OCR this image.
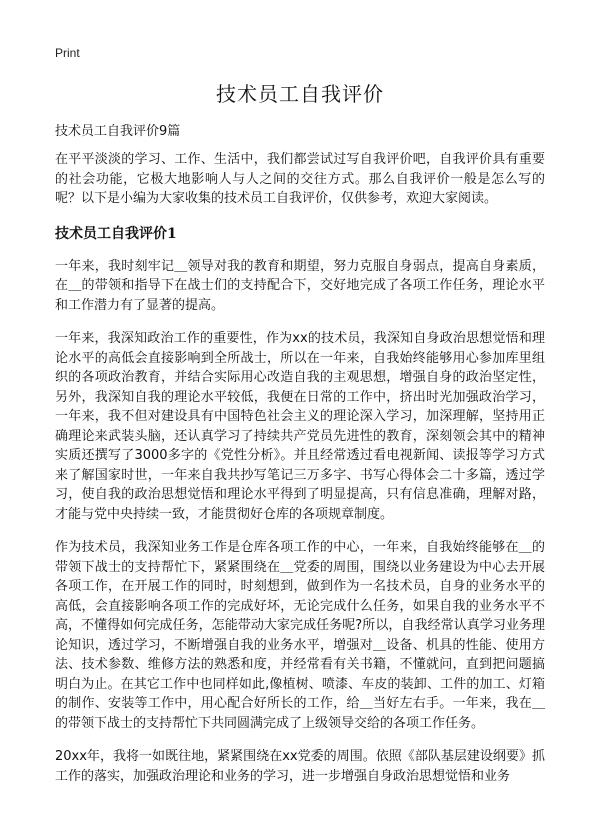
Print
技术员工自我评价

技术员工自我评价9篇

在平平淡淡的学习、工作、生活中，我们都尝试过写自我评价吧，自我评价具有重要的社会功能，它极大地影响人与人之间的交往方式。那么自我评价一般是怎么写的呢？以下是小编为大家收集的技术员工自我评价，仅供参考，欢迎大家阅读。

技术员工自我评价1

一年来，我时刻牢记＿领导对我的教育和期望，努力克服自身弱点，提高自身素质，在＿的带领和指导下在战士们的支持配合下，交好地完成了各项工作任务，理论水平和工作潜力有了显著的提高。

一年来，我深知政治工作的重要性，作为xx的技术员，我深知自身政治思想觉悟和理论水平的高低会直接影响到全所战士，所以在一年来，自我始终能够用心参加库里组织的各项政治教育，并结合实际用心改造自我的主观思想，增强自身的政治坚定性，另外，我深知自我的理论水平较低，我便在日常的工作中，挤出时光加强政治学习，一年来，我不但对建设具有中国特色社会主义的理论深入学习，加深理解，坚持用正确理论来武装头脑，还认真学习了持续共产党员先进性的教育，深刻领会其中的精神实质还撰写了3000多字的《党性分析》。并且经常透过看电视新闻、读报等学习方式来了解国家时世，一年来自我共抄写笔记三万多字、书写心得体会二十多篇，透过学习，使自我的政治思想觉悟和理论水平得到了明显提高，只有信息准确，理解对路，才能与党中央持续一致，才能贯彻好仓库的各项规章制度。

作为技术员，我深知业务工作是仓库各项工作的中心，一年来，自我始终能够在＿的带领下战士的支持帮忙下，紧紧围绕在＿党委的周围，围绕以业务建设为中心去开展各项工作，在开展工作的同时，时刻想到，做到作为一名技术员，自身的业务水平的高低，会直接影响各项工作的完成好坏，无论完成什么任务，如果自我的业务水平不高，不懂得如何完成任务，怎能带动大家完成任务呢?所以，自我经常认真学习业务理论知识，透过学习，不断增强自我的业务水平，增强对＿设备、机具的性能、使用方法、技术参数、维修方法的熟悉和度，并经常看有关书籍，不懂就问，直到把问题搞明白为止。在其它工作中也同样如此,像植树、喷漆、车皮的装卸、工件的加工、灯箱的制作、安装等工作中，用心配合好所长的工作，给＿当好左右手。一年来，我在＿的带领下战士的支持帮忙下共同圆满完成了上级领导交给的各项工作任务。

20xx年，我将一如既往地，紧紧围绕在xx党委的周围。依照《部队基层建设纲要》抓工作的落实，加强政治理论和业务的学习，进一步增强自身政治思想觉悟和业务
